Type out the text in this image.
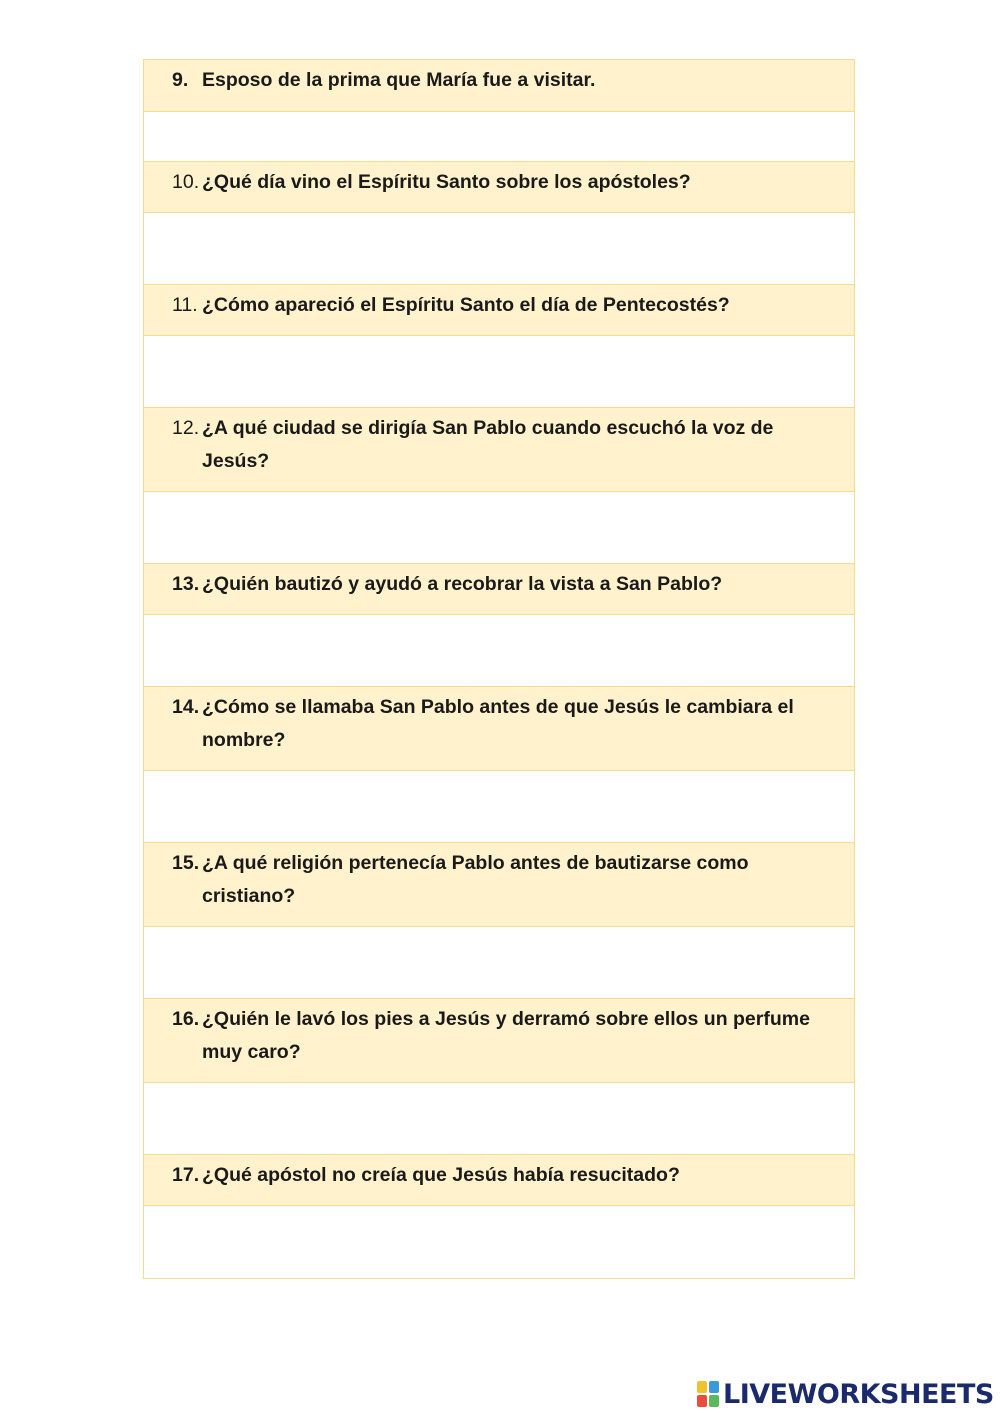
9. Esposo de la prima que María fue a visitar.
10. ¿Qué día vino el Espíritu Santo sobre los apóstoles?
11. ¿Cómo apareció el Espíritu Santo el día de Pentecostés?
12. ¿A qué ciudad se dirigía San Pablo cuando escuchó la voz de Jesús?
13. ¿Quién bautizó y ayudó a recobrar la vista a San Pablo?
14. ¿Cómo se llamaba San Pablo antes de que Jesús le cambiara el nombre?
15. ¿A qué religión pertenecía Pablo antes de bautizarse como cristiano?
16. ¿Quién le lavó los pies a Jesús y derramó sobre ellos un perfume muy caro?
17. ¿Qué apóstol no creía que Jesús había resucitado?
LIVEWORKSHEETS
